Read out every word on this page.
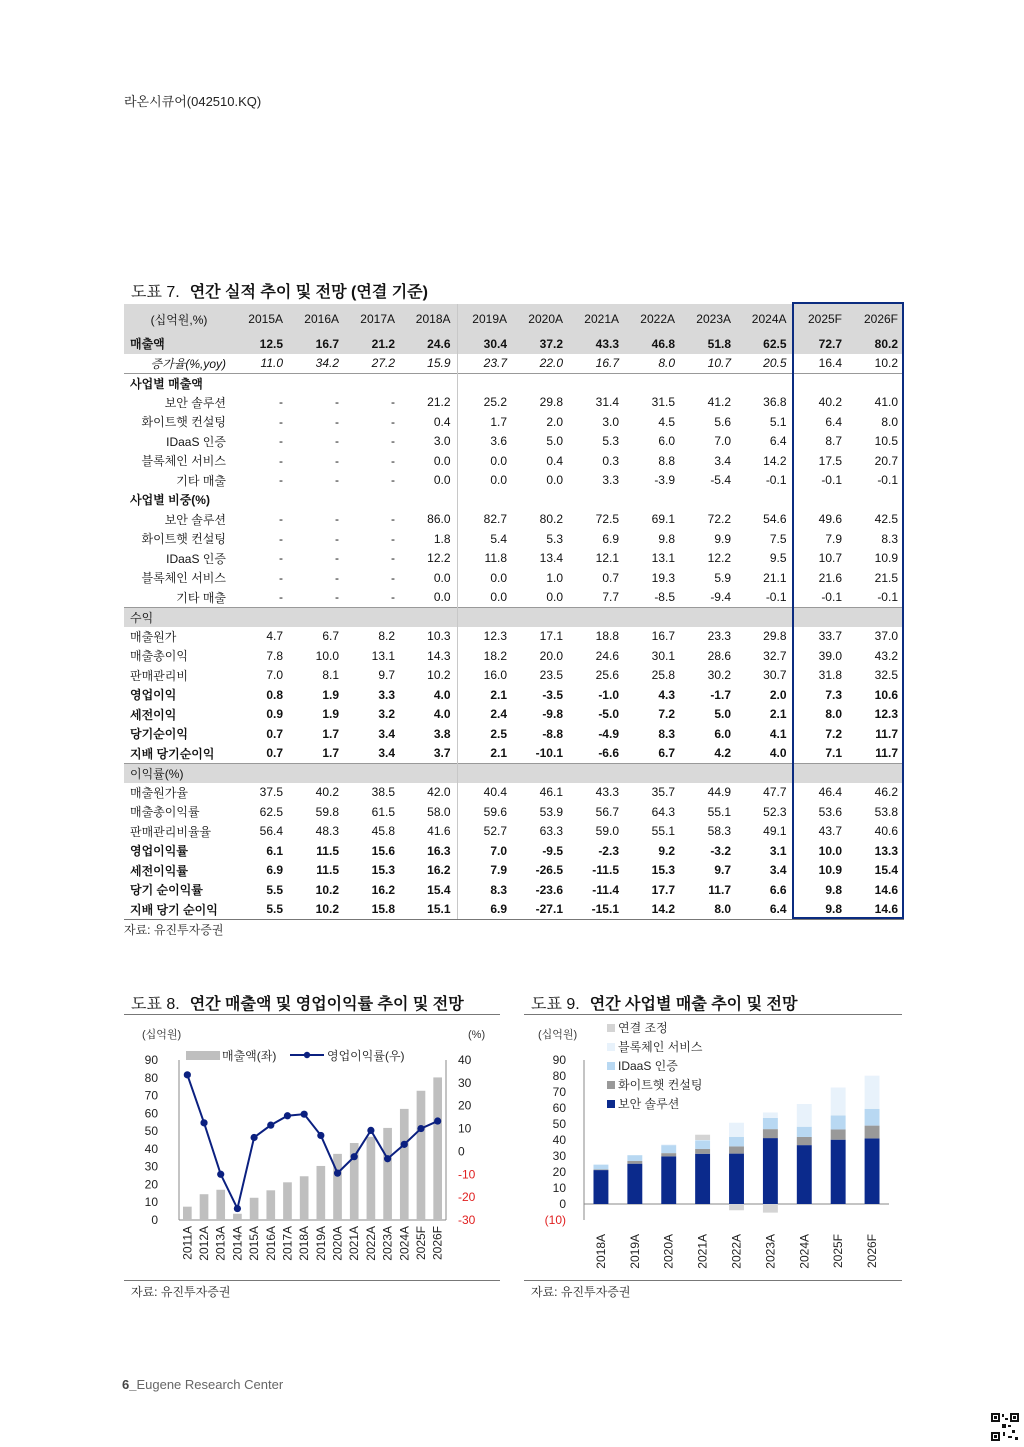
라온시큐어(042510.KQ)
도표 7. 연간 실적 추이 및 전망 (연결 기준)
(십억원,%)	2015A	2016A	2017A	2018A	2019A	2020A	2021A	2022A	2023A	2024A	2025F	2026F
매출액	12.5	16.7	21.2	24.6	30.4	37.2	43.3	46.8	51.8	62.5	72.7	80.2
증가율(%,yoy)	11.0	34.2	27.2	15.9	23.7	22.0	16.7	8.0	10.7	20.5	16.4	10.2
사업별 매출액												
보안 솔루션	-	-	-	21.2	25.2	29.8	31.4	31.5	41.2	36.8	40.2	41.0
화이트햇 컨설팅	-	-	-	0.4	1.7	2.0	3.0	4.5	5.6	5.1	6.4	8.0
IDaaS 인증	-	-	-	3.0	3.6	5.0	5.3	6.0	7.0	6.4	8.7	10.5
블록체인 서비스	-	-	-	0.0	0.0	0.4	0.3	8.8	3.4	14.2	17.5	20.7
기타 매출	-	-	-	0.0	0.0	0.0	3.3	-3.9	-5.4	-0.1	-0.1	-0.1
사업별 비중(%)												
보안 솔루션	-	-	-	86.0	82.7	80.2	72.5	69.1	72.2	54.6	49.6	42.5
화이트햇 컨설팅	-	-	-	1.8	5.4	5.3	6.9	9.8	9.9	7.5	7.9	8.3
IDaaS 인증	-	-	-	12.2	11.8	13.4	12.1	13.1	12.2	9.5	10.7	10.9
블록체인 서비스	-	-	-	0.0	0.0	1.0	0.7	19.3	5.9	21.1	21.6	21.5
기타 매출	-	-	-	0.0	0.0	0.0	7.7	-8.5	-9.4	-0.1	-0.1	-0.1
수익												
매출원가	4.7	6.7	8.2	10.3	12.3	17.1	18.8	16.7	23.3	29.8	33.7	37.0
매출총이익	7.8	10.0	13.1	14.3	18.2	20.0	24.6	30.1	28.6	32.7	39.0	43.2
판매관리비	7.0	8.1	9.7	10.2	16.0	23.5	25.6	25.8	30.2	30.7	31.8	32.5
영업이익	0.8	1.9	3.3	4.0	2.1	-3.5	-1.0	4.3	-1.7	2.0	7.3	10.6
세전이익	0.9	1.9	3.2	4.0	2.4	-9.8	-5.0	7.2	5.0	2.1	8.0	12.3
당기순이익	0.7	1.7	3.4	3.8	2.5	-8.8	-4.9	8.3	6.0	4.1	7.2	11.7
지배 당기순이익	0.7	1.7	3.4	3.7	2.1	-10.1	-6.6	6.7	4.2	4.0	7.1	11.7
이익률(%)												
매출원가율	37.5	40.2	38.5	42.0	40.4	46.1	43.3	35.7	44.9	47.7	46.4	46.2
매출총이익률	62.5	59.8	61.5	58.0	59.6	53.9	56.7	64.3	55.1	52.3	53.6	53.8
판매관리비율율	56.4	48.3	45.8	41.6	52.7	63.3	59.0	55.1	58.3	49.1	43.7	40.6
영업이익률	6.1	11.5	15.6	16.3	7.0	-9.5	-2.3	9.2	-3.2	3.1	10.0	13.3
세전이익률	6.9	11.5	15.3	16.2	7.9	-26.5	-11.5	15.3	9.7	3.4	10.9	15.4
당기 순이익률	5.5	10.2	16.2	15.4	8.3	-23.6	-11.4	17.7	11.7	6.6	9.8	14.6
지배 당기 순이익	5.5	10.2	15.8	15.1	6.9	-27.1	-15.1	14.2	8.0	6.4	9.8	14.6
자료: 유진투자증권
도표 8. 연간 매출액 및 영업이익률 추이 및 전망
(십억원)	(%)
90
80
70
60
50
40
30
20
10
0
40
30
20
10
0
-10
-20
-30
2011A 2012A 2013A 2014A 2015A 2016A 2017A 2018A 2019A 2020A 2021A 2022A 2023A 2024A 2025F 2026F
매출액(좌)	영업이익률(우)
자료: 유진투자증권
도표 9. 연간 사업별 매출 추이 및 전망
(십억원)
90
80
70
60
50
40
30
20
10
0
(10)
2018A 2019A 2020A 2021A 2022A 2023A 2024A 2025F 2026F
연결 조정
블록체인 서비스
IDaaS 인증
화이트햇 컨설팅
보안 솔루션
자료: 유진투자증권
6_Eugene Research Center
